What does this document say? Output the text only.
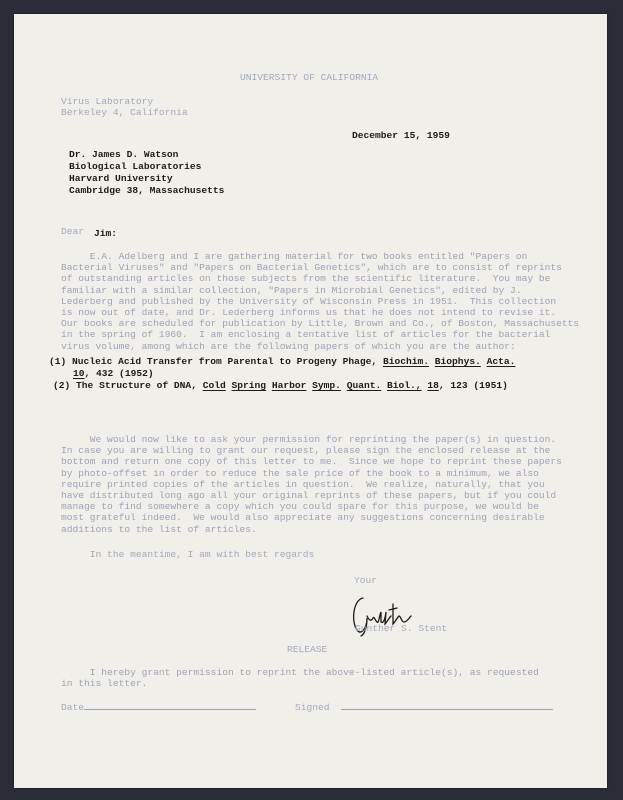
UNIVERSITY OF CALIFORNIA
Virus Laboratory
Berkeley 4, California
December 15, 1959
Dr. James D. Watson
Biological Laboratories
Harvard University
Cambridge 38, Massachusetts
Dear Jim:
E.A. Adelberg and I are gathering material for two books entitled "Papers on
Bacterial Viruses" and "Papers on Bacterial Genetics", which are to consist of reprints
of outstanding articles on those subjects from the scientific literature.  You may be
familiar with a similar collection, "Papers in Microbial Genetics", edited by J.
Lederberg and published by the University of Wisconsin Press in 1951.  This collection
is now out of date, and Dr. Lederberg informs us that he does not intend to revise it.
Our books are scheduled for publication by Little, Brown and Co., of Boston, Massachusetts
in the spring of 1960.  I am enclosing a tentative list of articles for the bacterial
virus volume, among which are the following papers of which you are the author:
(1) Nucleic Acid Transfer from Parental to Progeny Phage, Biochim. Biophys. Acta.
10, 432 (1952)
(2) The Structure of DNA, Cold Spring Harbor Symp. Quant. Biol., 18, 123 (1951)
We would now like to ask your permission for reprinting the paper(s) in question.
In case you are willing to grant our request, please sign the enclosed release at the
bottom and return one copy of this letter to me.  Since we hope to reprint these papers
by photo-offset in order to reduce the sale price of the book to a minimum, we also
require printed copies of the articles in question.  We realize, naturally, that you
have distributed long ago all your original reprints of these papers, but if you could
manage to find somewhere a copy which you could spare for this purpose, we would be
most grateful indeed.  We would also appreciate any suggestions concerning desirable
additions to the list of articles.
In the meantime, I am with best regards
Your
Gunther S. Stent
RELEASE
I hereby grant permission to reprint the above-listed article(s), as requested
in this letter.
Date	Signed
